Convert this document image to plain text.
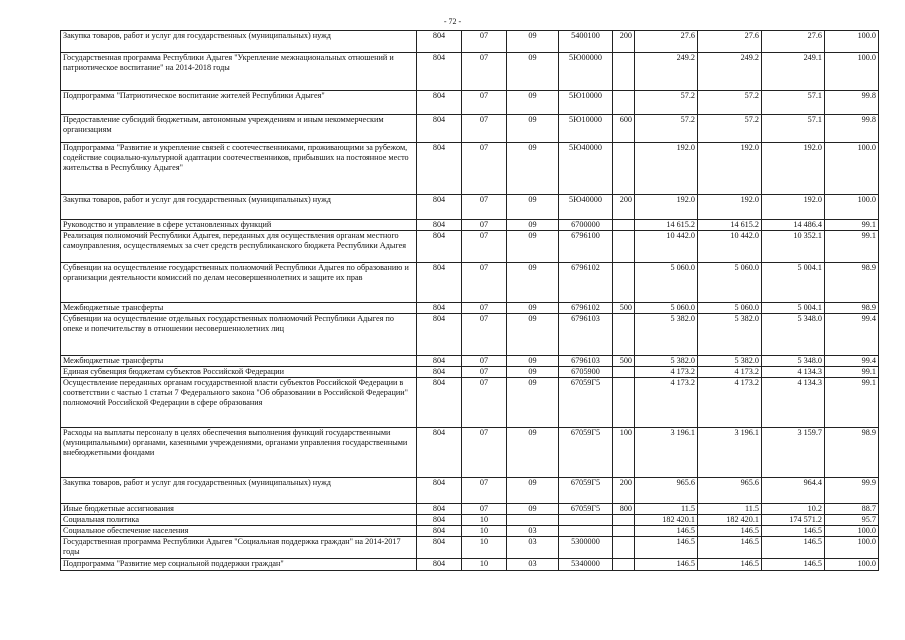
- 72 -
Закупка товаров, работ и услуг для государственных (муниципальных) нужд	804	07	09	5400100	200	27.6	27.6	27.6	100.0
Государственная программа Республики Адыгея "Укрепление межнациональных отношений и патриотическое воспитание" на 2014-2018 годы	804	07	09	5Ю00000		249.2	249.2	249.1	100.0
Подпрограмма "Патриотическое воспитание жителей Республики Адыгея"	804	07	09	5Ю10000		57.2	57.2	57.1	99.8
Предоставление субсидий бюджетным, автономным учреждениям и иным некоммерческим организациям	804	07	09	5Ю10000	600	57.2	57.2	57.1	99.8
Подпрограмма "Развитие и укрепление связей с соотечественниками, проживающими за рубежом, содействие социально-культурной адаптации соотечественников, прибывших на постоянное место жительства в Республику Адыгея"	804	07	09	5Ю40000		192.0	192.0	192.0	100.0
Закупка товаров, работ и услуг для государственных (муниципальных) нужд	804	07	09	5Ю40000	200	192.0	192.0	192.0	100.0
Руководство и управление в сфере установленных функций	804	07	09	6700000		14 615.2	14 615.2	14 486.4	99.1
Реализация полномочий Республики Адыгея, переданных для осуществления органам местного самоуправления, осуществляемых за счет средств республиканского бюджета Республики Адыгея	804	07	09	6796100		10 442.0	10 442.0	10 352.1	99.1
Субвенции на осуществление государственных полномочий Республики Адыгея по образованию и организации деятельности комиссий по делам несовершеннолетних и защите их прав	804	07	09	6796102		5 060.0	5 060.0	5 004.1	98.9
Межбюджетные трансферты	804	07	09	6796102	500	5 060.0	5 060.0	5 004.1	98.9
Субвенции на осуществление отдельных государственных полномочий Республики Адыгея по опеке и попечительству в отношении несовершеннолетних лиц	804	07	09	6796103		5 382.0	5 382.0	5 348.0	99.4
Межбюджетные трансферты	804	07	09	6796103	500	5 382.0	5 382.0	5 348.0	99.4
Единая субвенция бюджетам субъектов Российской Федерации	804	07	09	6705900		4 173.2	4 173.2	4 134.3	99.1
Осуществление переданных органам государственной власти субъектов Российской Федерации в соответствии с частью 1 статьи 7 Федерального закона "Об образовании в Российской Федерации" полномочий Российской Федерации в сфере образования	804	07	09	67059Г5		4 173.2	4 173.2	4 134.3	99.1
Расходы на выплаты персоналу в целях обеспечения выполнения функций государственными (муниципальными) органами, казенными учреждениями, органами управления государственными внебюджетными фондами	804	07	09	67059Г5	100	3 196.1	3 196.1	3 159.7	98.9
Закупка товаров, работ и услуг для государственных (муниципальных) нужд	804	07	09	67059Г5	200	965.6	965.6	964.4	99.9
Иные бюджетные ассигнования	804	07	09	67059Г5	800	11.5	11.5	10.2	88.7
Социальная политика	804	10				182 420.1	182 420.1	174 571.2	95.7
Социальное обеспечение населения	804	10	03			146.5	146.5	146.5	100.0
Государственная программа Республики Адыгея "Социальная поддержка граждан" на 2014-2017 годы	804	10	03	5300000		146.5	146.5	146.5	100.0
Подпрограмма "Развитие мер социальной поддержки граждан"	804	10	03	5340000		146.5	146.5	146.5	100.0
